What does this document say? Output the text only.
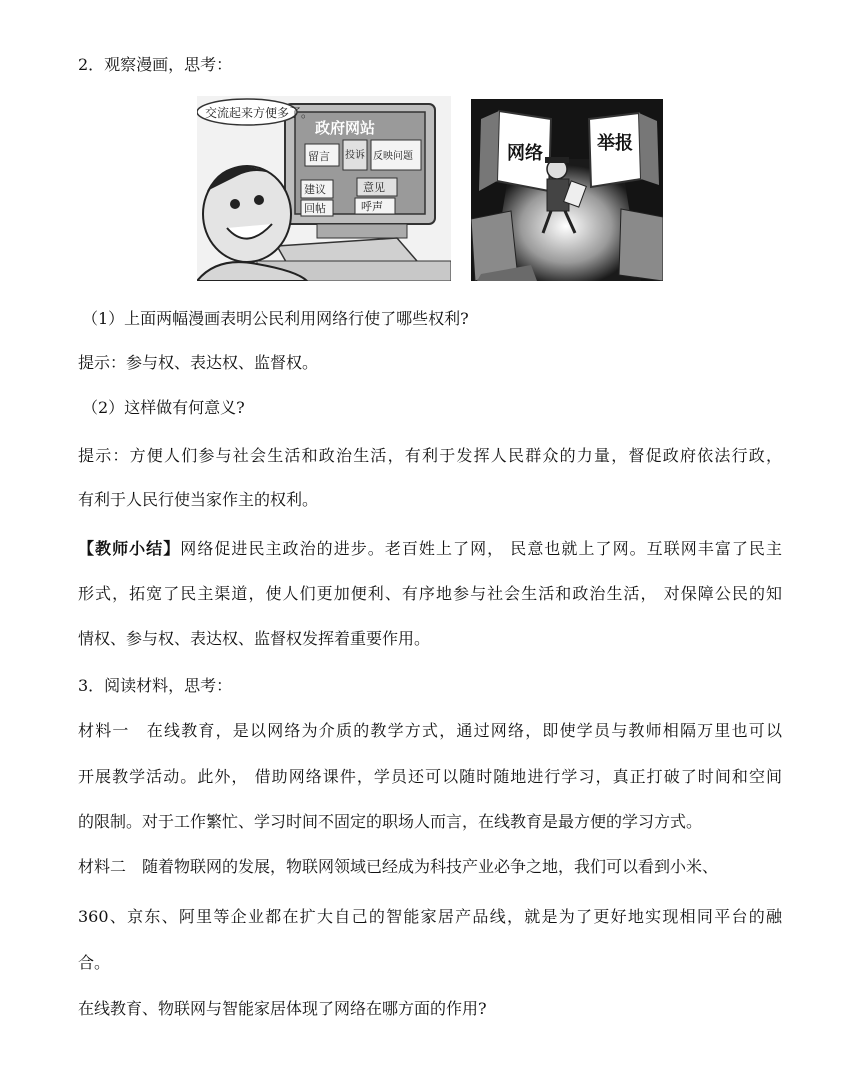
2．观察漫画，思考：
交流起来方便多了。
政府网站
留言 投诉 反映问题
建议	意见
回帖	呼声
网络	举报
（1）上面两幅漫画表明公民利用网络行使了哪些权利?
提示：参与权、表达权、监督权。
（2）这样做有何意义?
提示：方便人们参与社会生活和政治生活，有利于发挥人民群众的力量，督促政府依法行政，
有利于人民行使当家作主的权利。
【教师小结】网络促进民主政治的进步。老百姓上了网， 民意也就上了网。互联网丰富了民主
形式，拓宽了民主渠道，使人们更加便利、有序地参与社会生活和政治生活， 对保障公民的知
情权、参与权、表达权、监督权发挥着重要作用。
3．阅读材料，思考：
材料一　在线教育，是以网络为介质的教学方式，通过网络，即使学员与教师相隔万里也可以
开展教学活动。此外， 借助网络课件，学员还可以随时随地进行学习，真正打破了时间和空间
的限制。对于工作繁忙、学习时间不固定的职场人而言，在线教育是最方便的学习方式。
材料二　随着物联网的发展，物联网领域已经成为科技产业必争之地，我们可以看到小米、
360、京东、阿里等企业都在扩大自己的智能家居产品线，就是为了更好地实现相同平台的融
合。
在线教育、物联网与智能家居体现了网络在哪方面的作用?
